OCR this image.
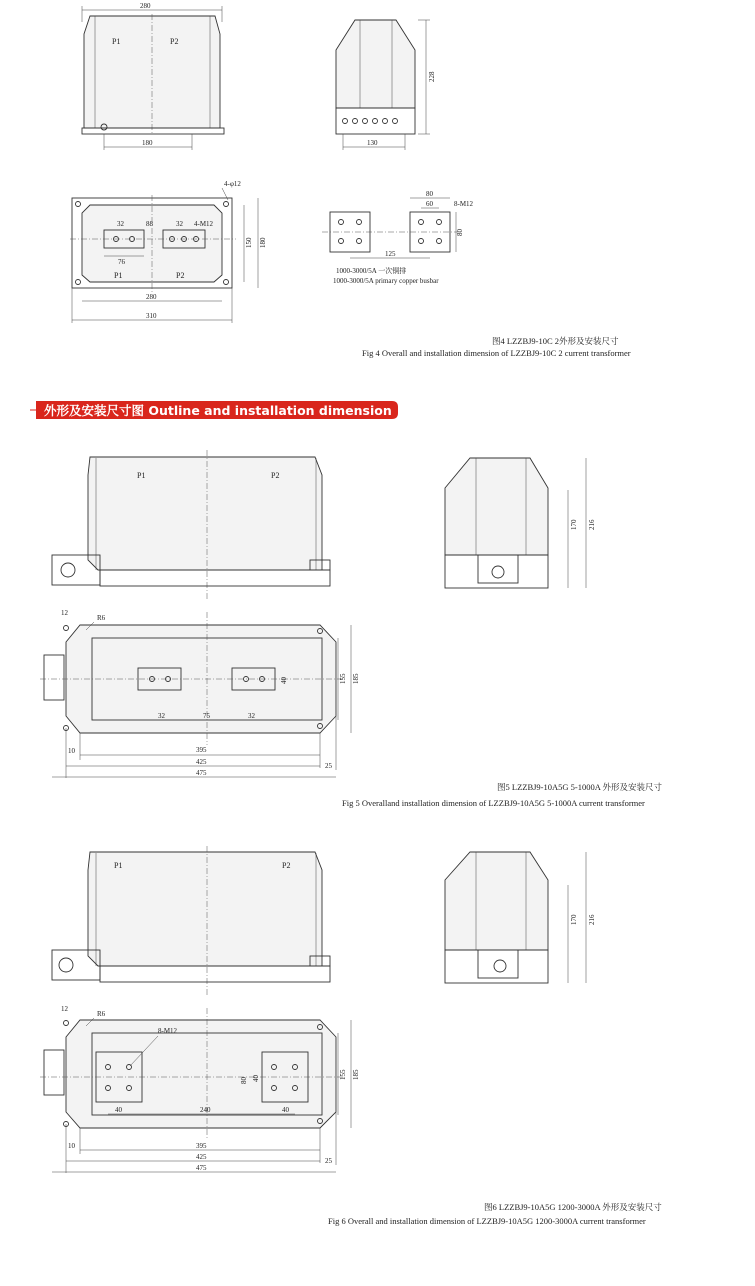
280
P1	P2
180
228
130
4-φ12
32	88	32 4-M12
76
P1	P2
150 180
280
310
80
60	8-M12
80
125
1000-3000/5A 一次铜排
1000-3000/5A primary copper busbar
图4 LZZBJ9-10C 2外形及安装尺寸
Fig 4 Overall and installation dimension of LZZBJ9-10C 2 current transformer
外形及安装尺寸图 Outline and installation dimension
P1	P2
170 216
12
R6
40
32	75	32
155 185
10	395
425	25
475
图5 LZZBJ9-10A5G 5-1000A 外形及安装尺寸
Fig 5 Overalland installation dimension of LZZBJ9-10A5G 5-1000A current transformer
P1	P2
170 216
12
R6
8-M12
80 40
40	240	40
155 185
10	395
425	25
475
图6 LZZBJ9-10A5G 1200-3000A 外形及安装尺寸
Fig 6 Overall and installation dimension of LZZBJ9-10A5G 1200-3000A current transformer
